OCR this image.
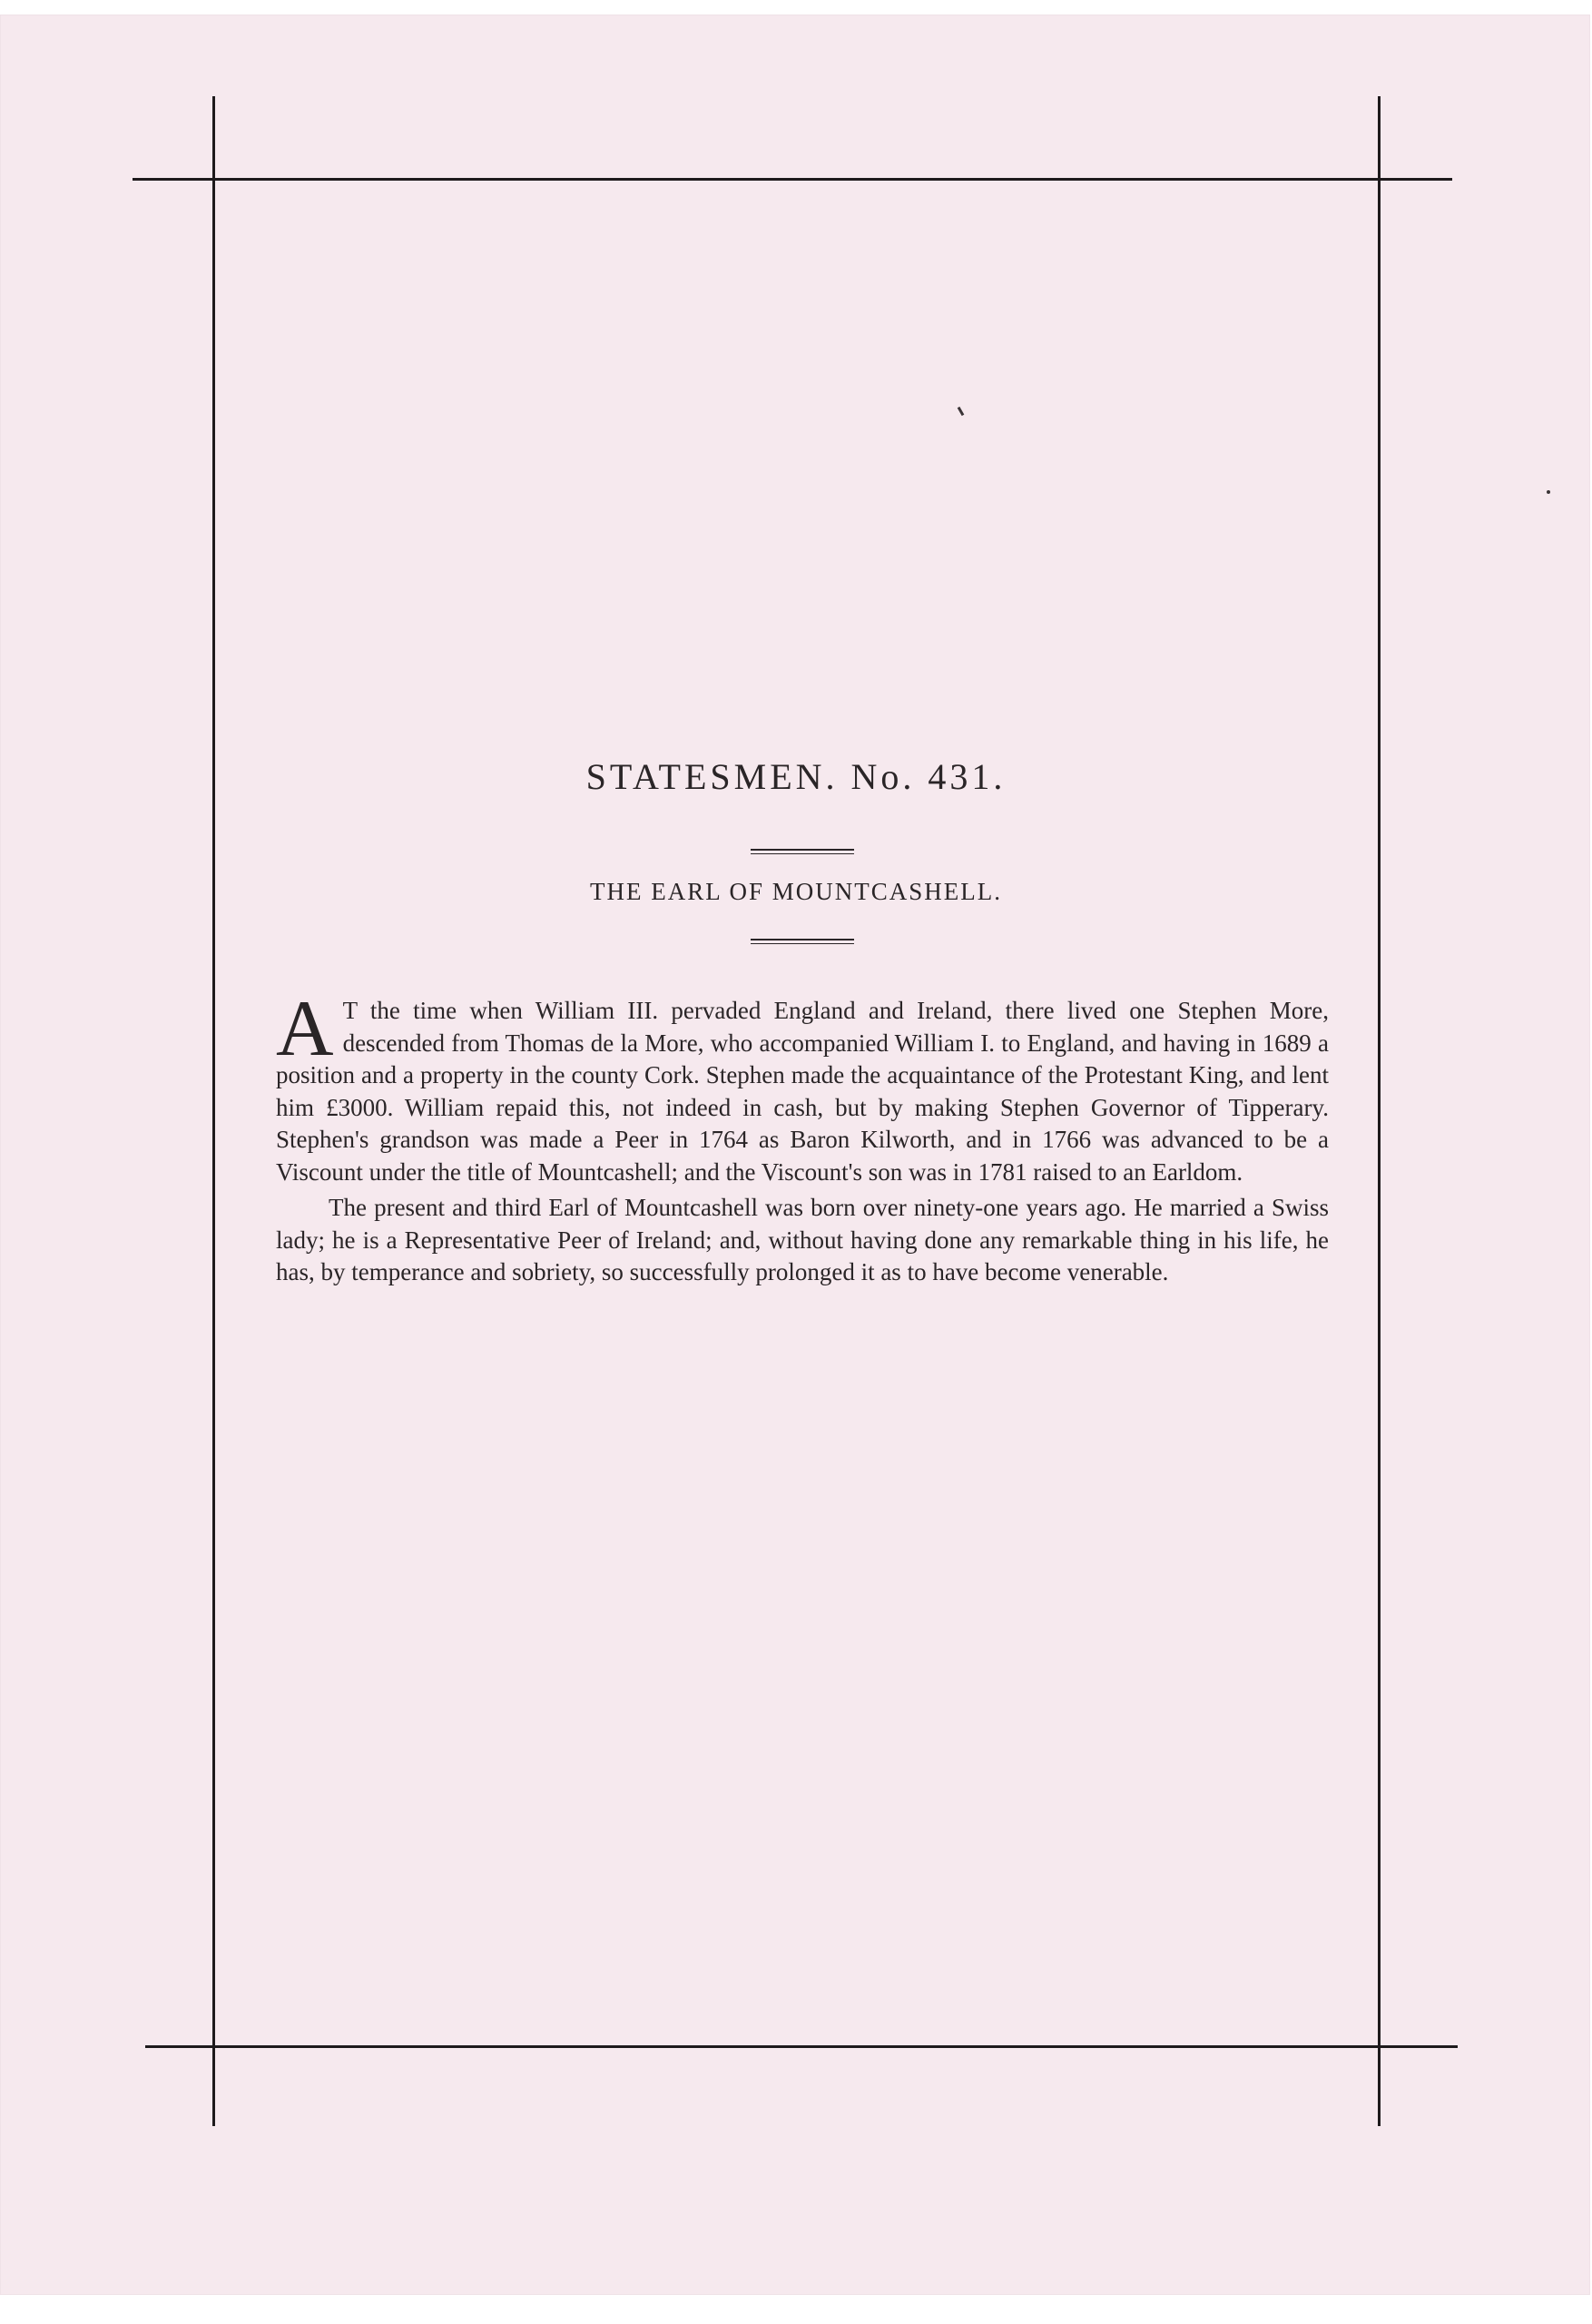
STATESMEN. No. 431.
THE EARL OF MOUNTCASHELL.

A T the time when William III. pervaded England and Ireland, there lived one Stephen More, descended from Thomas de la More, who accompanied William I. to England, and having in 1689 a position and a property in the county Cork. Stephen made the acquaintance of the Protestant King, and lent him £3000. William repaid this, not indeed in cash, but by making Stephen Governor of Tipperary. Stephen's grandson was made a Peer in 1764 as Baron Kilworth, and in 1766 was advanced to be a Viscount under the title of Mountcashell; and the Viscount's son was in 1781 raised to an Earldom.

The present and third Earl of Mountcashell was born over ninety-one years ago. He married a Swiss lady; he is a Representative Peer of Ireland; and, without having done any remarkable thing in his life, he has, by temperance and sobriety, so successfully prolonged it as to have become venerable.
